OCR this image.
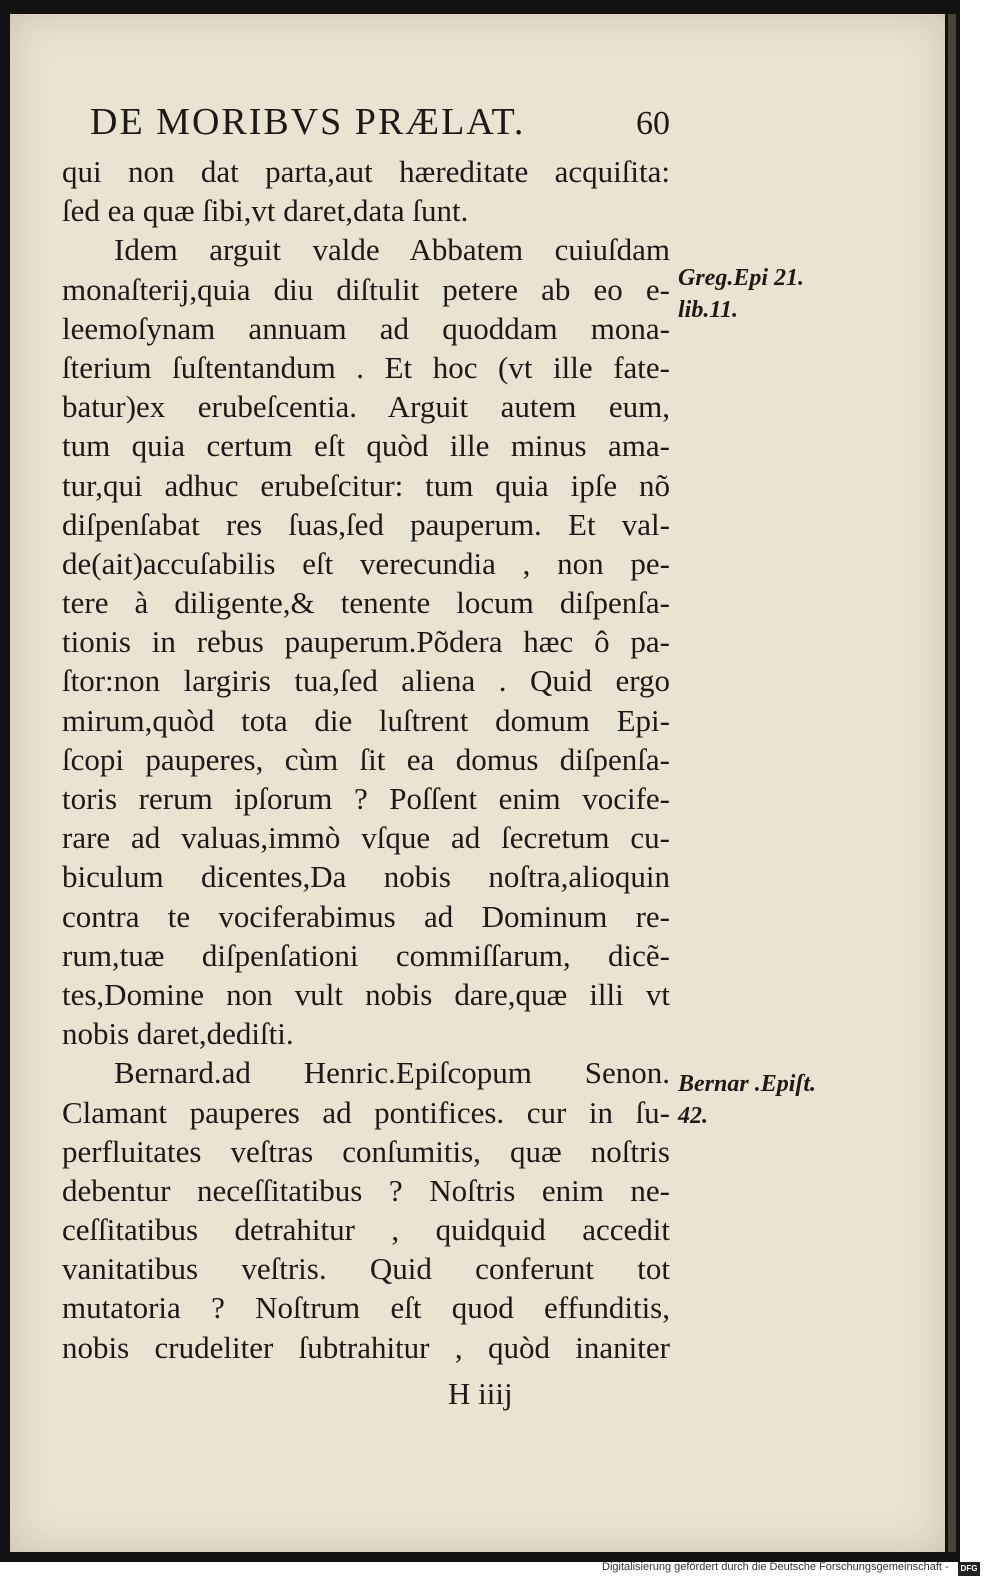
DE MORIBVS PRÆLAT.	60
qui non dat parta,aut hæreditate acquiſita:
ſed ea quæ ſibi,vt daret,data ſunt.
Idem arguit valde Abbatem cuiuſdam
monaſterij,quia diu diſtulit petere ab eo e-
leemoſynam annuam ad quoddam mona-
ſterium ſuſtentandum . Et hoc (vt ille fate-
batur)ex erubeſcentia. Arguit autem eum,
tum quia certum eſt quòd ille minus ama-
tur,qui adhuc erubeſcitur: tum quia ipſe nõ
diſpenſabat res ſuas,ſed pauperum. Et val-
de(ait)accuſabilis eſt verecundia , non pe-
tere à diligente,& tenente locum diſpenſa-
tionis in rebus pauperum.Põdera hæc ô pa-
ſtor:non largiris tua,ſed aliena . Quid ergo
mirum,quòd tota die luſtrent domum Epi-
ſcopi pauperes, cùm ſit ea domus diſpenſa-
toris rerum ipſorum ? Poſſent enim vocife-
rare ad valuas,immò vſque ad ſecretum cu-
biculum dicentes,Da nobis noſtra,alioquin
contra te vociferabimus ad Dominum re-
rum,tuæ diſpenſationi commiſſarum, dicẽ-
tes,Domine non vult nobis dare,quæ illi vt
nobis daret,dediſti.
Bernard.ad Henric.Epiſcopum Senon.
Clamant pauperes ad pontifices. cur in ſu-
perfluitates veſtras conſumitis, quæ noſtris
debentur neceſſitatibus ? Noſtris enim ne-
ceſſitatibus detrahitur , quidquid accedit
vanitatibus veſtris. Quid conferunt tot
mutatoria ? Noſtrum eſt quod effunditis,
nobis crudeliter ſubtrahitur , quòd inaniter
Greg.Epi 21.
lib.11.
Bernar .Epiſt.
42.
H iiij
Digitalisierung gefördert durch die Deutsche Forschungsgemeinschaft -	DFG
